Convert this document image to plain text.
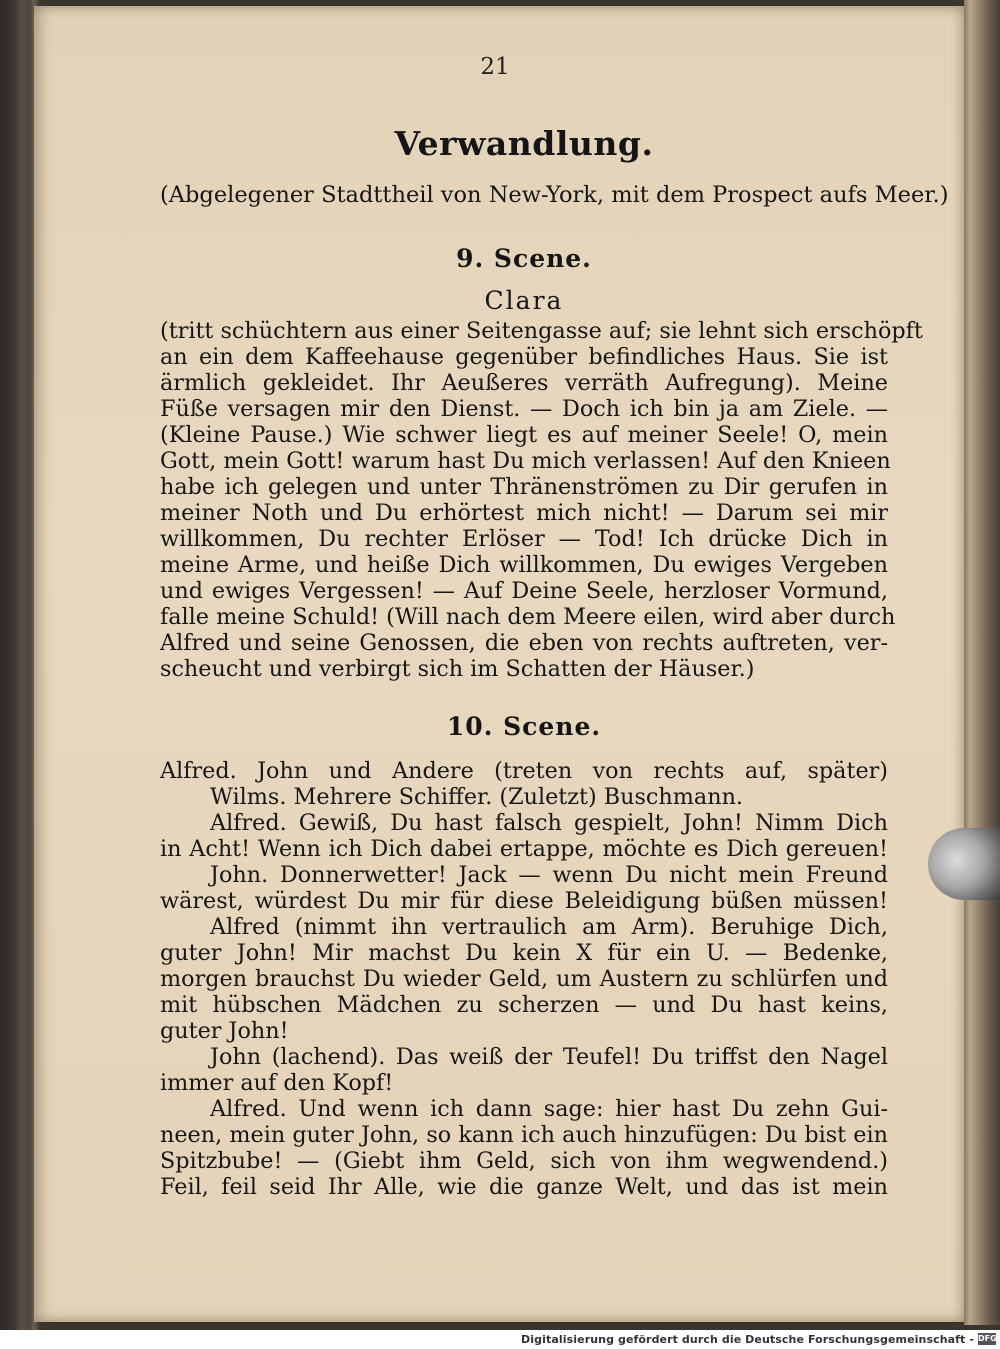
21
Verwandlung.
(Abgelegener Stadttheil von New-York, mit dem Prospect aufs Meer.)
9. Scene.
Clara
(tritt schüchtern aus einer Seitengasse auf; sie lehnt sich erschöpft
an ein dem Kaffeehause gegenüber befindliches Haus. Sie ist
ärmlich gekleidet. Ihr Aeußeres verräth Aufregung). Meine
Füße versagen mir den Dienst. — Doch ich bin ja am Ziele. —
(Kleine Pause.) Wie schwer liegt es auf meiner Seele! O, mein
Gott, mein Gott! warum hast Du mich verlassen! Auf den Knieen
habe ich gelegen und unter Thränenströmen zu Dir gerufen in
meiner Noth und Du erhörtest mich nicht! — Darum sei mir
willkommen, Du rechter Erlöser — Tod! Ich drücke Dich in
meine Arme, und heiße Dich willkommen, Du ewiges Vergeben
und ewiges Vergessen! — Auf Deine Seele, herzloser Vormund,
falle meine Schuld! (Will nach dem Meere eilen, wird aber durch
Alfred und seine Genossen, die eben von rechts auftreten, ver-
scheucht und verbirgt sich im Schatten der Häuser.)
10. Scene.
Alfred. John und Andere (treten von rechts auf, später)
Wilms. Mehrere Schiffer. (Zuletzt) Buschmann.
Alfred. Gewiß, Du hast falsch gespielt, John! Nimm Dich
in Acht! Wenn ich Dich dabei ertappe, möchte es Dich gereuen!
John. Donnerwetter! Jack — wenn Du nicht mein Freund
wärest, würdest Du mir für diese Beleidigung büßen müssen!
Alfred (nimmt ihn vertraulich am Arm). Beruhige Dich,
guter John! Mir machst Du kein X für ein U. — Bedenke,
morgen brauchst Du wieder Geld, um Austern zu schlürfen und
mit hübschen Mädchen zu scherzen — und Du hast keins,
guter John!
John (lachend). Das weiß der Teufel! Du triffst den Nagel
immer auf den Kopf!
Alfred. Und wenn ich dann sage: hier hast Du zehn Gui-
neen, mein guter John, so kann ich auch hinzufügen: Du bist ein
Spitzbube! — (Giebt ihm Geld, sich von ihm wegwendend.)
Feil, feil seid Ihr Alle, wie die ganze Welt, und das ist mein
Digitalisierung gefördert durch die Deutsche Forschungsgemeinschaft - DFG
